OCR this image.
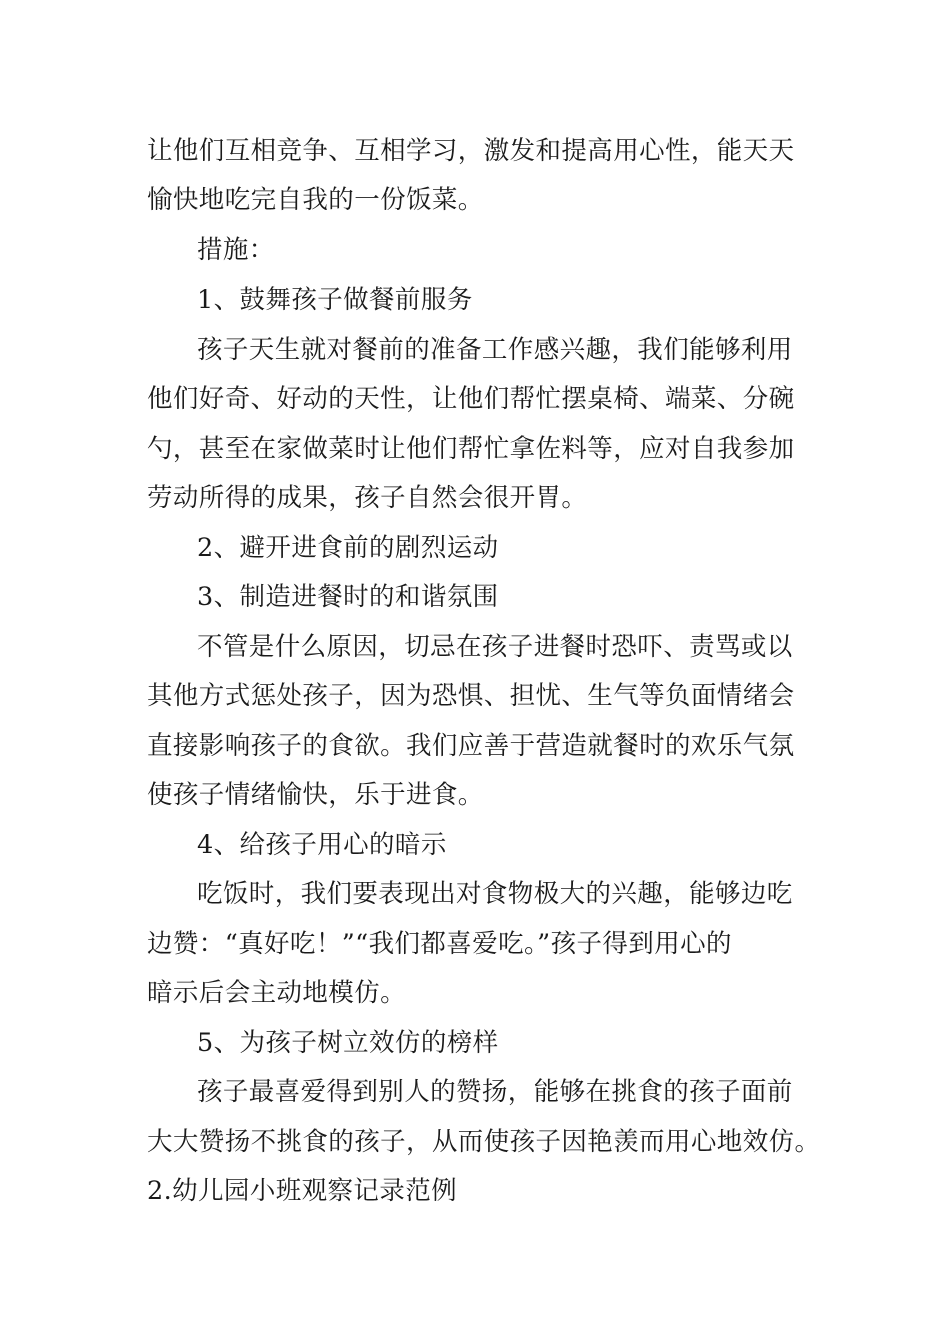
让他们互相竞争、互相学习，激发和提高用心性，能天天
愉快地吃完自我的一份饭菜。
措施：
1、鼓舞孩子做餐前服务
孩子天生就对餐前的准备工作感兴趣，我们能够利用
他们好奇、好动的天性，让他们帮忙摆桌椅、端菜、分碗
勺，甚至在家做菜时让他们帮忙拿佐料等，应对自我参加
劳动所得的成果，孩子自然会很开胃。
2、避开进食前的剧烈运动
3、制造进餐时的和谐氛围
不管是什么原因，切忌在孩子进餐时恐吓、责骂或以
其他方式惩处孩子，因为恐惧、担忧、生气等负面情绪会
直接影响孩子的食欲。我们应善于营造就餐时的欢乐气氛
使孩子情绪愉快，乐于进食。
4、给孩子用心的暗示
吃饭时，我们要表现出对食物极大的兴趣，能够边吃
边赞：“真好吃！”“我们都喜爱吃。”孩子得到用心的
暗示后会主动地模仿。
5、为孩子树立效仿的榜样
孩子最喜爱得到别人的赞扬，能够在挑食的孩子面前
大大赞扬不挑食的孩子，从而使孩子因艳羡而用心地效仿。
2.幼儿园小班观察记录范例
